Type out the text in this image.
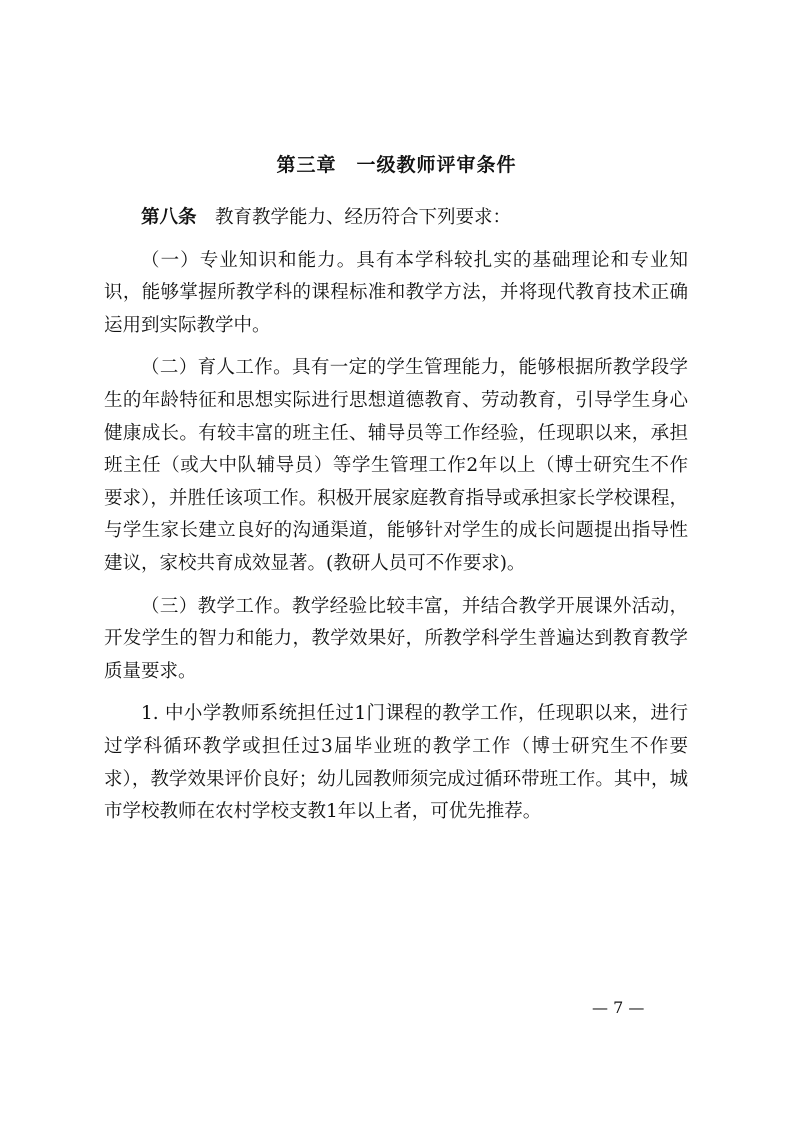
第三章　一级教师评审条件

第八条　教育教学能力、经历符合下列要求：

（一）专业知识和能力。具有本学科较扎实的基础理论和专业知识，能够掌握所教学科的课程标准和教学方法，并将现代教育技术正确运用到实际教学中。

（二）育人工作。具有一定的学生管理能力，能够根据所教学段学生的年龄特征和思想实际进行思想道德教育、劳动教育，引导学生身心健康成长。有较丰富的班主任、辅导员等工作经验，任现职以来，承担班主任（或大中队辅导员）等学生管理工作2年以上（博士研究生不作要求），并胜任该项工作。积极开展家庭教育指导或承担家长学校课程，与学生家长建立良好的沟通渠道，能够针对学生的成长问题提出指导性建议，家校共育成效显著。(教研人员可不作要求)。

（三）教学工作。教学经验比较丰富，并结合教学开展课外活动，开发学生的智力和能力，教学效果好，所教学科学生普遍达到教育教学质量要求。

1. 中小学教师系统担任过1门课程的教学工作，任现职以来，进行过学科循环教学或担任过3届毕业班的教学工作（博士研究生不作要求），教学效果评价良好；幼儿园教师须完成过循环带班工作。其中，城市学校教师在农村学校支教1年以上者，可优先推荐。

— 7 —
